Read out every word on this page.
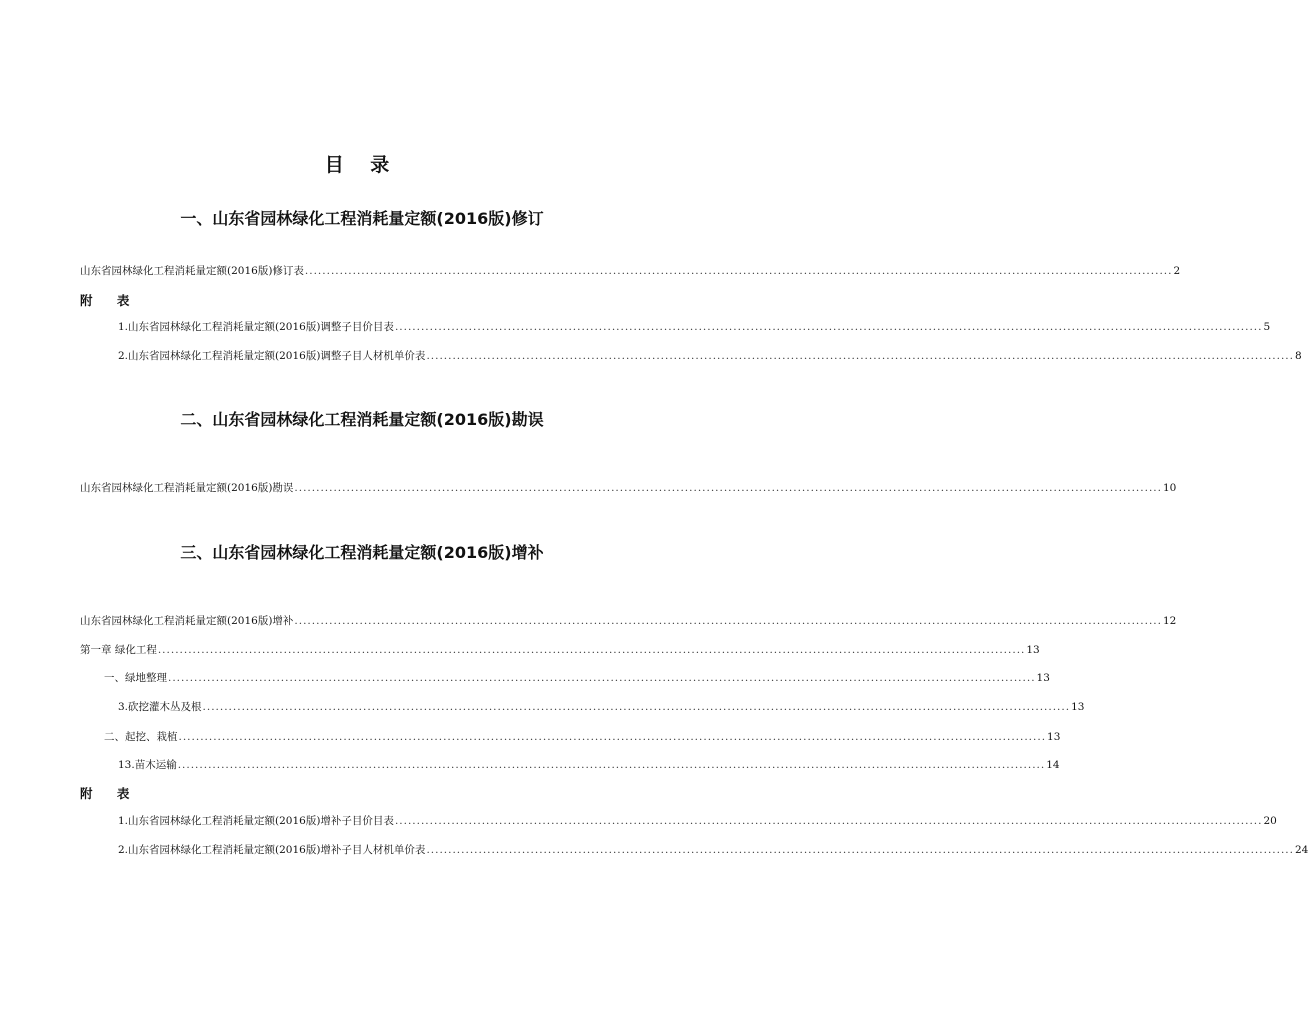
目 录
一、山东省园林绿化工程消耗量定额(2016版)修订
山东省园林绿化工程消耗量定额(2016版)修订表 ........................................................................................................................................................................................................ 2
附 表
1.山东省园林绿化工程消耗量定额(2016版)调整子目价目表 ........................................................................................................................................................................................................ 5
2.山东省园林绿化工程消耗量定额(2016版)调整子目人材机单价表 ........................................................................................................................................................................................................ 8
二、山东省园林绿化工程消耗量定额(2016版)勘误
山东省园林绿化工程消耗量定额(2016版)勘误 ........................................................................................................................................................................................................ 10
三、山东省园林绿化工程消耗量定额(2016版)增补
山东省园林绿化工程消耗量定额(2016版)增补 ........................................................................................................................................................................................................ 12
第一章 绿化工程 ........................................................................................................................................................................................................ 13
一、绿地整理 ........................................................................................................................................................................................................ 13
3.砍挖灌木丛及根 ........................................................................................................................................................................................................ 13
二、起挖、栽植 ........................................................................................................................................................................................................ 13
13.苗木运输 ........................................................................................................................................................................................................ 14
附 表
1.山东省园林绿化工程消耗量定额(2016版)增补子目价目表 ........................................................................................................................................................................................................ 20
2.山东省园林绿化工程消耗量定额(2016版)增补子目人材机单价表 ........................................................................................................................................................................................................ 24
